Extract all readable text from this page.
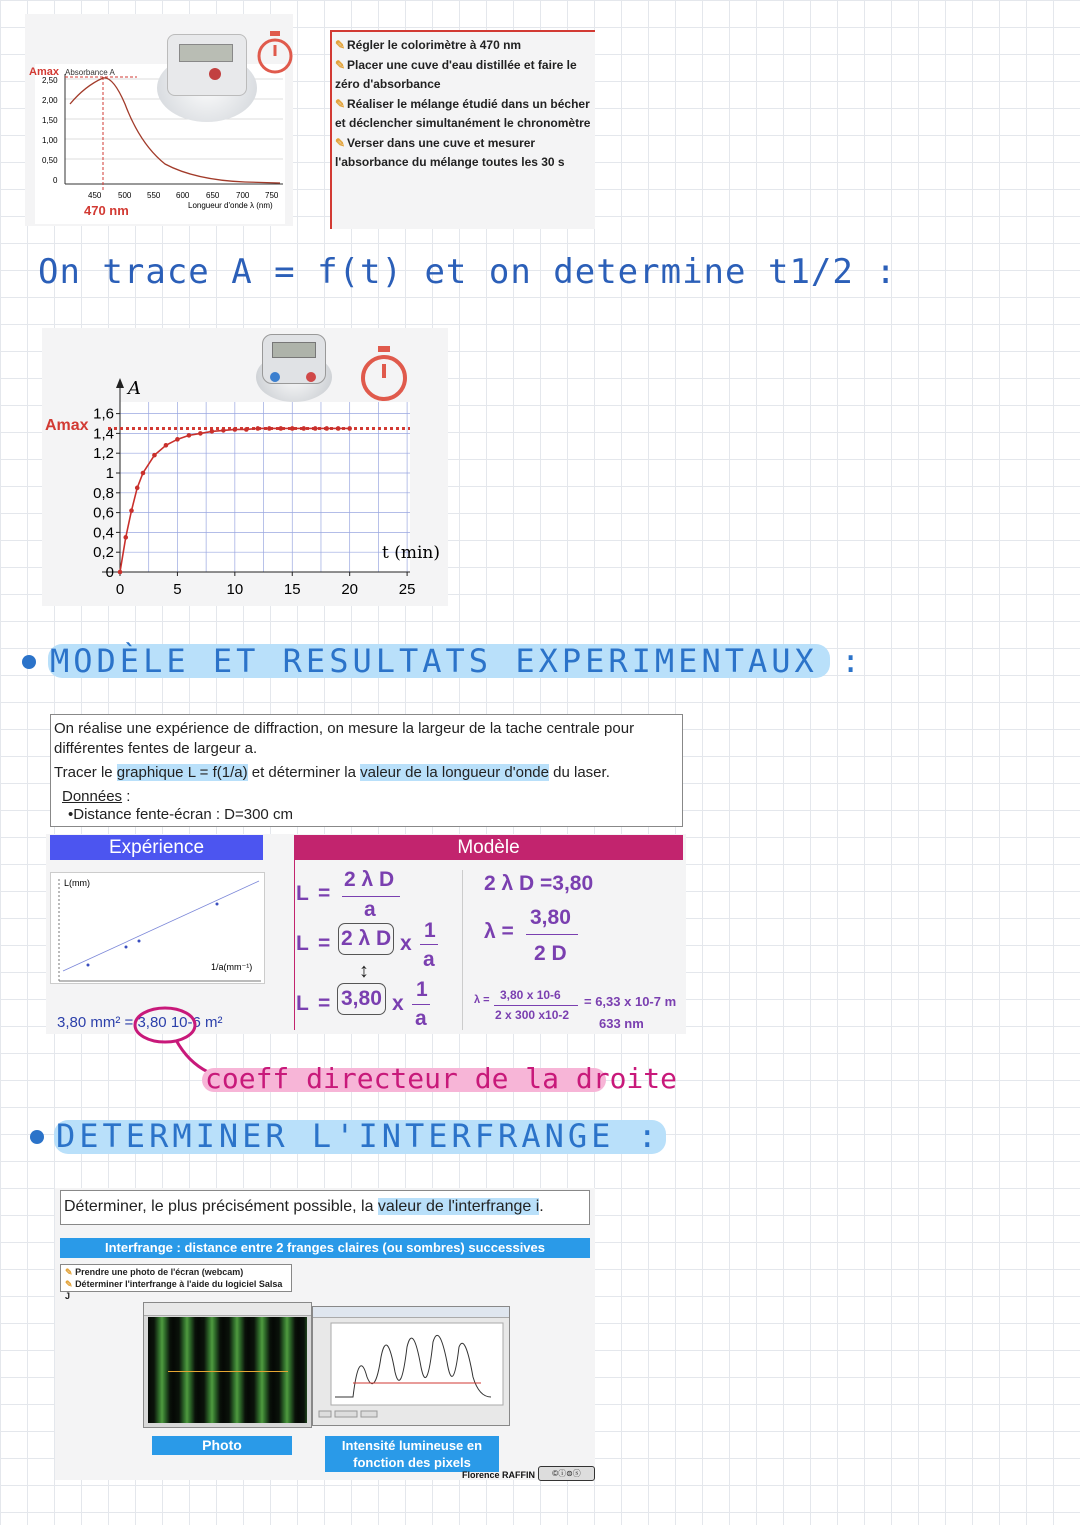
Amax Absorbance A
2,50
2,00
1,50
1,00
0,50
0
450 500 550 600 650 700 750
Longueur d'onde λ (nm)
470 nm
✎ Régler le colorimètre à 470 nm
✎ Placer une cuve d'eau distillée et faire le zéro d'absorbance
✎ Réaliser le mélange étudié dans un bécher et déclencher simultanément le chronomètre
✎ Verser dans une cuve et mesurer l'absorbance du mélange toutes les 30 s
On trace A = f(t) et on determine t1/2 :
A
Amax
1,6
1,4
1,2
1
0,8
0,6
0,4
0,2
0
0	5	10	15	20	25
t (min)
MODÈLE ET RESULTATS EXPERIMENTAUX :
On réalise une expérience de diffraction, on mesure la largeur de la tache centrale pour
différentes fentes de largeur a.
Tracer le graphique L = f(1/a) et déterminer la valeur de la longueur d'onde du laser.
Données :
•Distance fente-écran : D=300 cm
Expérience
L(mm)
1/a(mm⁻¹)
3,80 mm² = 3,80 10-6 m²
Modèle
L =
2 λ D
a
L = 2 λ D x
1
a
↕
L = 3,80 x
1
a
2 λ D =3,80
λ =
3,80
2 D
λ = 3,80 x 10-6
2 x 300 x10-2
= 6,33 x 10-7 m
633 nm
coeff directeur de la droite
DETERMINER L'INTERFRANGE :
Déterminer, le plus précisément possible, la valeur de l'interfrange i.
Interfrange : distance entre 2 franges claires (ou sombres) successives
✎ Prendre une photo de l'écran (webcam)
✎ Déterminer l'interfrange à l'aide du logiciel Salsa J
Photo	Intensité lumineuse en fonction des pixels
Florence RAFFIN	©ⓘ⊜ⓢ
